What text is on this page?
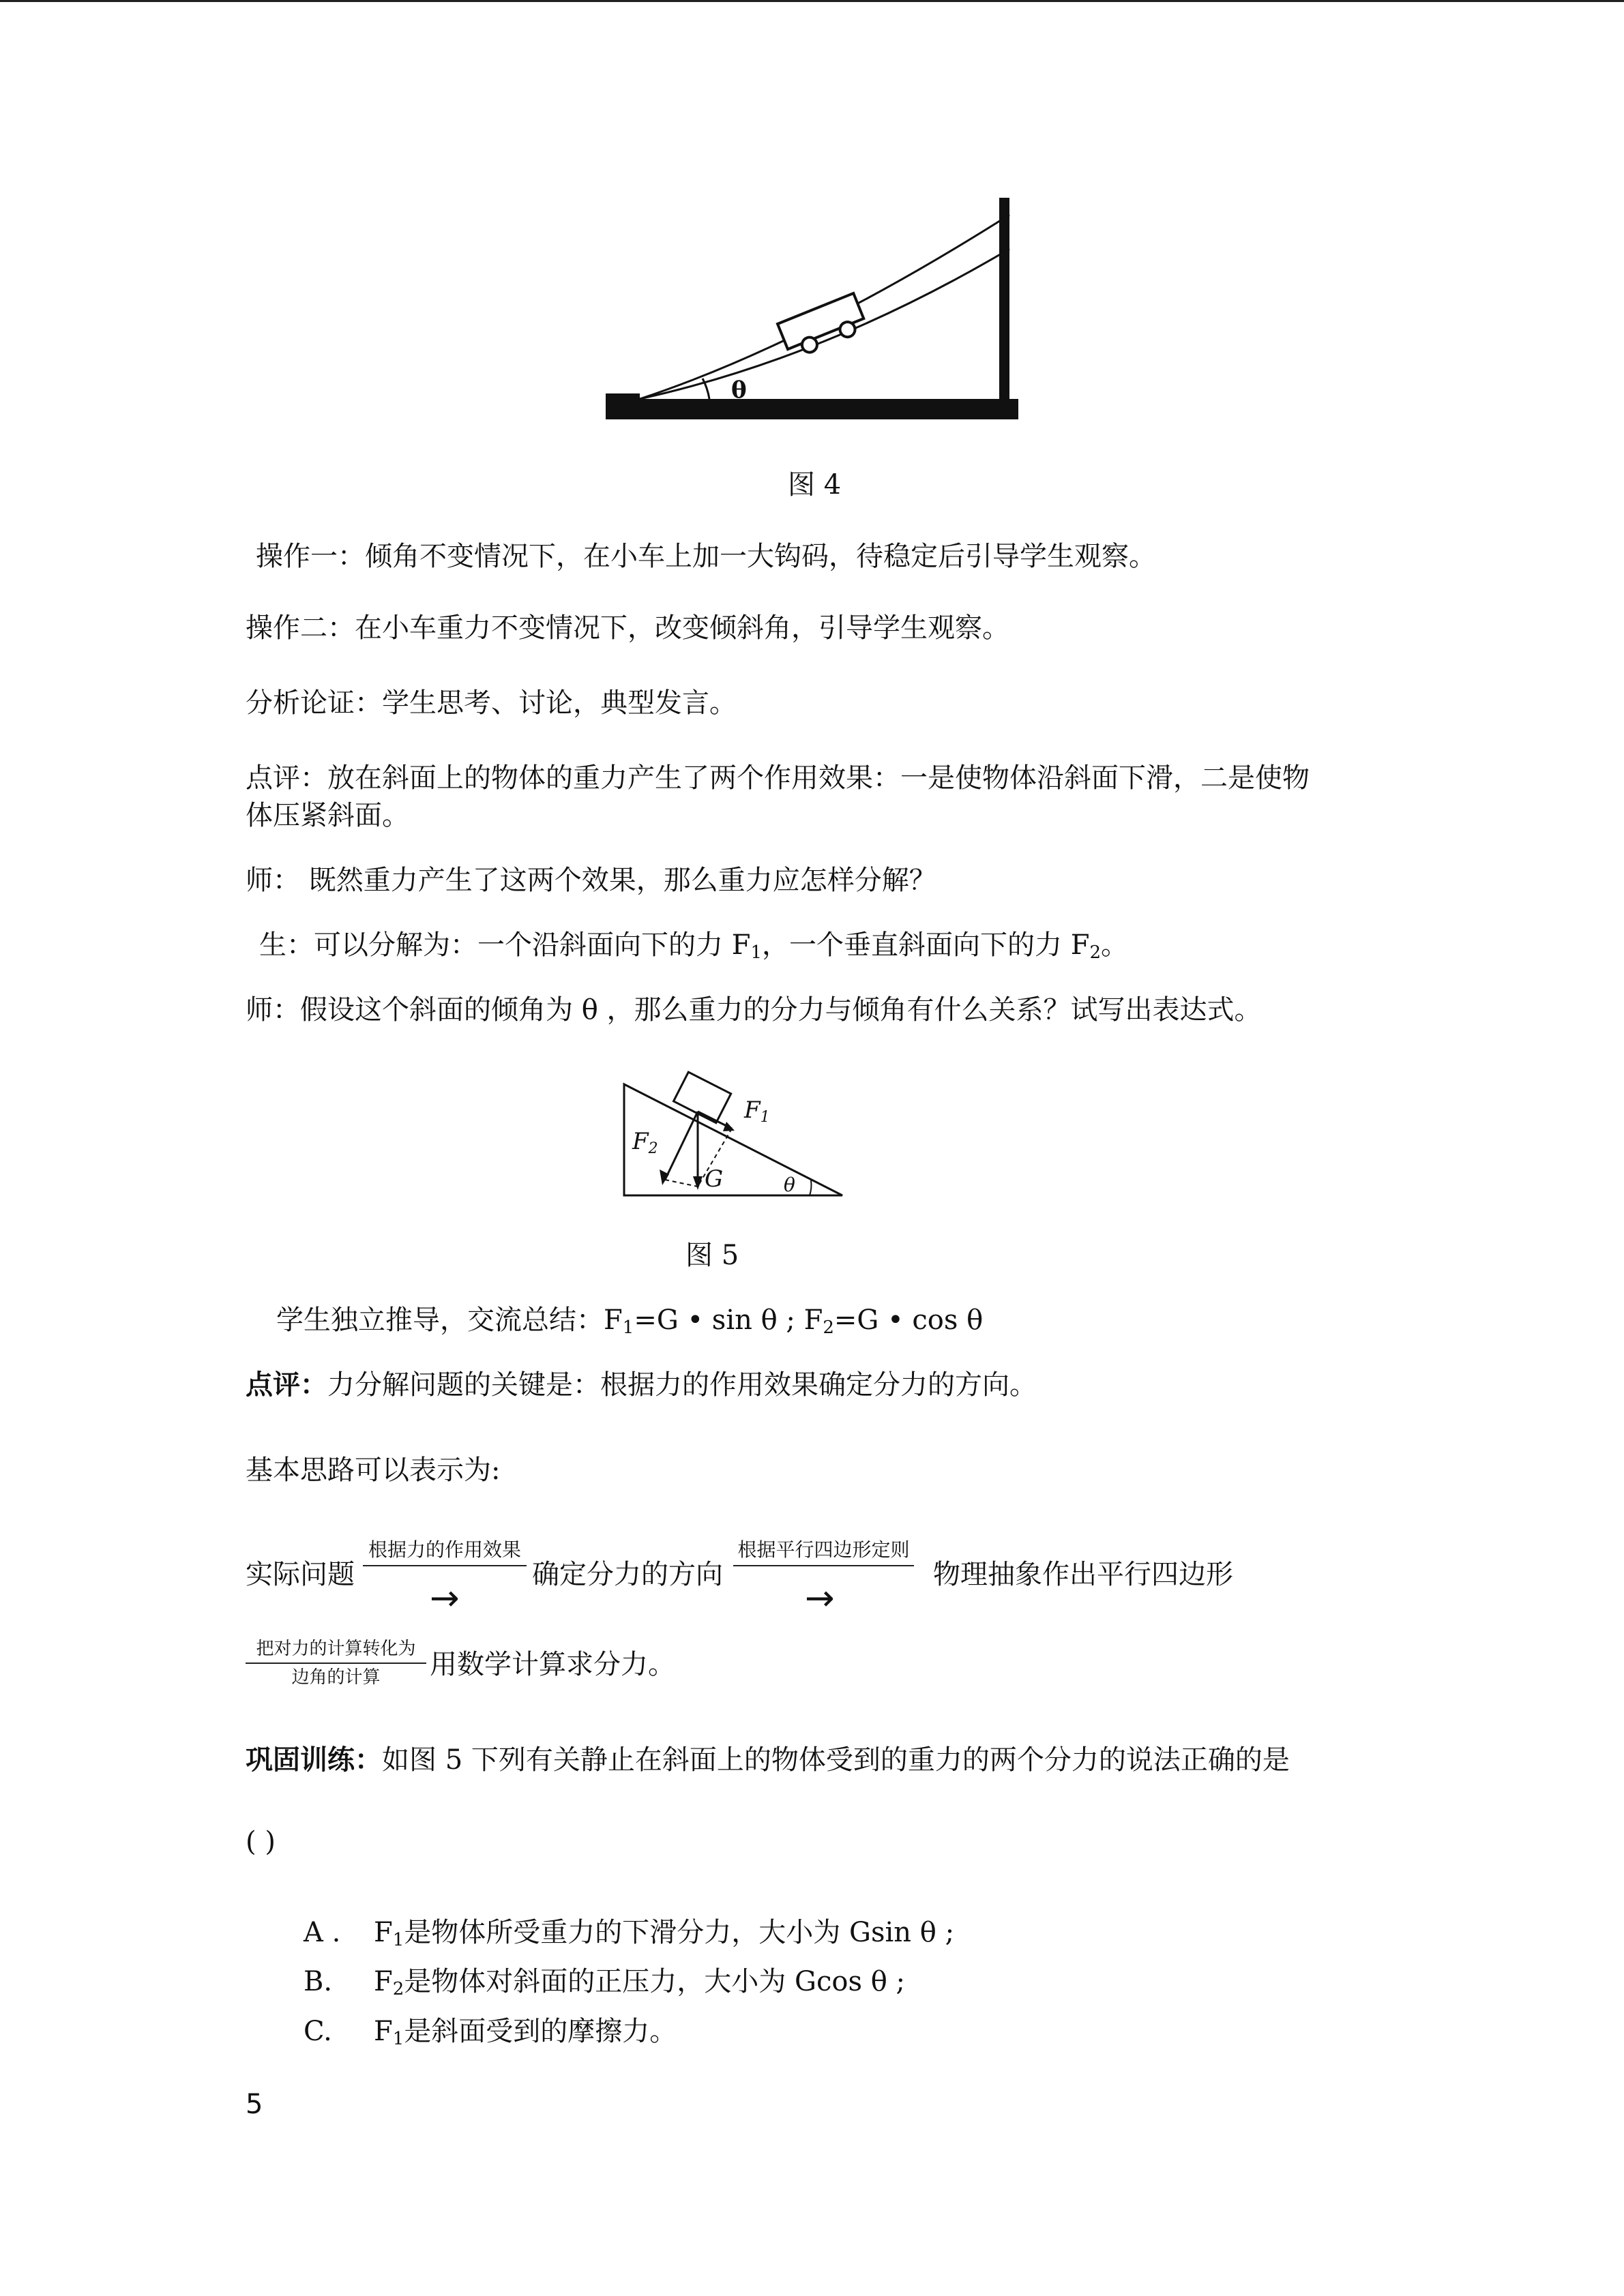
θ
图 4
操作一：倾角不变情况下，在小车上加一大钩码，待稳定后引导学生观察。
操作二：在小车重力不变情况下，改变倾斜角，引导学生观察。
分析论证：学生思考、讨论，典型发言。
点评：放在斜面上的物体的重力产生了两个作用效果：一是使物体沿斜面下滑，二是使物
体压紧斜面。
师： 既然重力产生了这两个效果，那么重力应怎样分解？
生：可以分解为：一个沿斜面向下的力 $F_1$，一个垂直斜面向下的力 $F_2$。
师：假设这个斜面的倾角为 θ ，那么重力的分力与倾角有什么关系？试写出表达式。
F1
F2
G	θ
图 5
学生独立推导，交流总结：$F_1=G$ • sin θ ; $F_2=G$ • cos θ
点评：力分解问题的关键是：根据力的作用效果确定分力的方向。
基本思路可以表示为:
实际问题
根据力的作用效果
→
确定分力的方向
根据平行四边形定则
→
物理抽象作出平行四边形
把对力的计算转化为
边角的计算	用数学计算求分力。
巩固训练：如图 5 下列有关静止在斜面上的物体受到的重力的两个分力的说法正确的是
( )
A . $F_1$是物体所受重力的下滑分力，大小为 Gsin θ ;
B. $F_2$是物体对斜面的正压力，大小为 Gcos θ ;
C. $F_1$是斜面受到的摩擦力。
5
